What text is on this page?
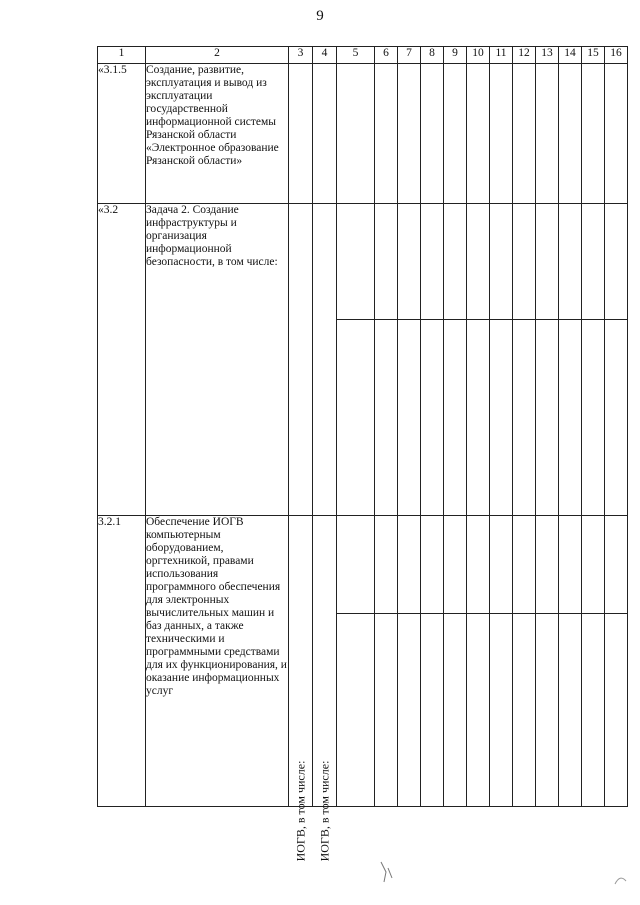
9
1	2	3	4	5	6	7	8	9	10	11	12	13	14	15	16
«3.1.5	Создание, развитие, эксплуатация и вывод из эксплуатации государственной информационной системы Рязанской области «Электронное образование Рязанской области»	

«3.2	Задача 2. Создание инфраструктуры и организация информационной безопасности, в том числе:			

3.2.1	Обеспечение ИОГВ компьютерным оборудованием, оргтехникой, правами использования программного обеспечения для электронных вычислительных машин и баз данных, а также техническими и программными средствами для их функционирования, и оказание информационных услуг	ИОГВ, в том числе:	ИОГВ, в том числе:
